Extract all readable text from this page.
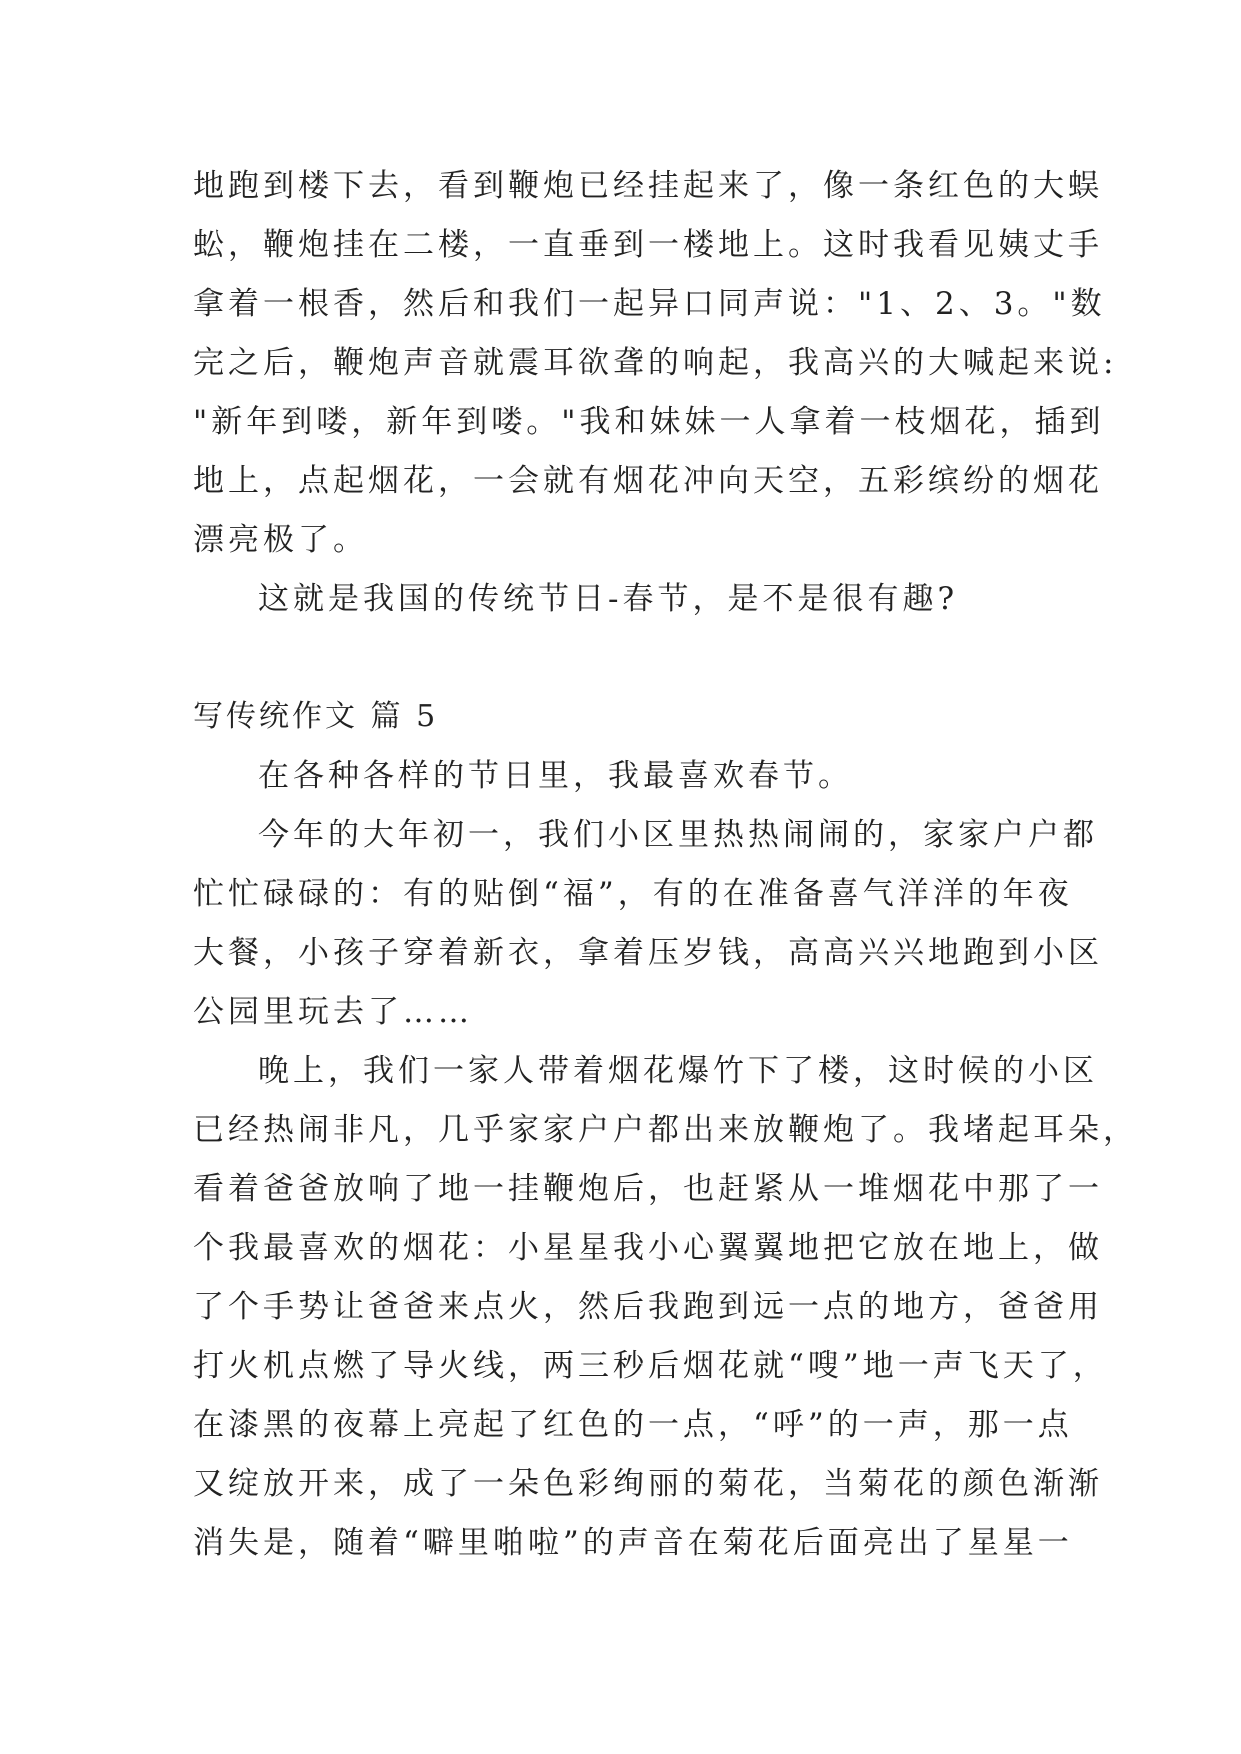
地跑到楼下去，看到鞭炮已经挂起来了，像一条红色的大蜈
蚣，鞭炮挂在二楼，一直垂到一楼地上。这时我看见姨丈手
拿着一根香，然后和我们一起异口同声说："1、2、3。"数
完之后，鞭炮声音就震耳欲聋的响起，我高兴的大喊起来说:
"新年到喽，新年到喽。"我和妹妹一人拿着一枝烟花，插到
地上，点起烟花，一会就有烟花冲向天空，五彩缤纷的烟花
漂亮极了。
这就是我国的传统节日-春节，是不是很有趣?
写传统作文 篇 5
在各种各样的节日里，我最喜欢春节。
今年的大年初一，我们小区里热热闹闹的，家家户户都
忙忙碌碌的：有的贴倒“福”，有的在准备喜气洋洋的年夜
大餐，小孩子穿着新衣，拿着压岁钱，高高兴兴地跑到小区
公园里玩去了……
晚上，我们一家人带着烟花爆竹下了楼，这时候的小区
已经热闹非凡，几乎家家户户都出来放鞭炮了。我堵起耳朵，
看着爸爸放响了地一挂鞭炮后，也赶紧从一堆烟花中那了一
个我最喜欢的烟花：小星星我小心翼翼地把它放在地上，做
了个手势让爸爸来点火，然后我跑到远一点的地方，爸爸用
打火机点燃了导火线，两三秒后烟花就“嗖”地一声飞天了，
在漆黑的夜幕上亮起了红色的一点，“呼”的一声，那一点
又绽放开来，成了一朵色彩绚丽的菊花，当菊花的颜色渐渐
消失是，随着“噼里啪啦”的声音在菊花后面亮出了星星一
